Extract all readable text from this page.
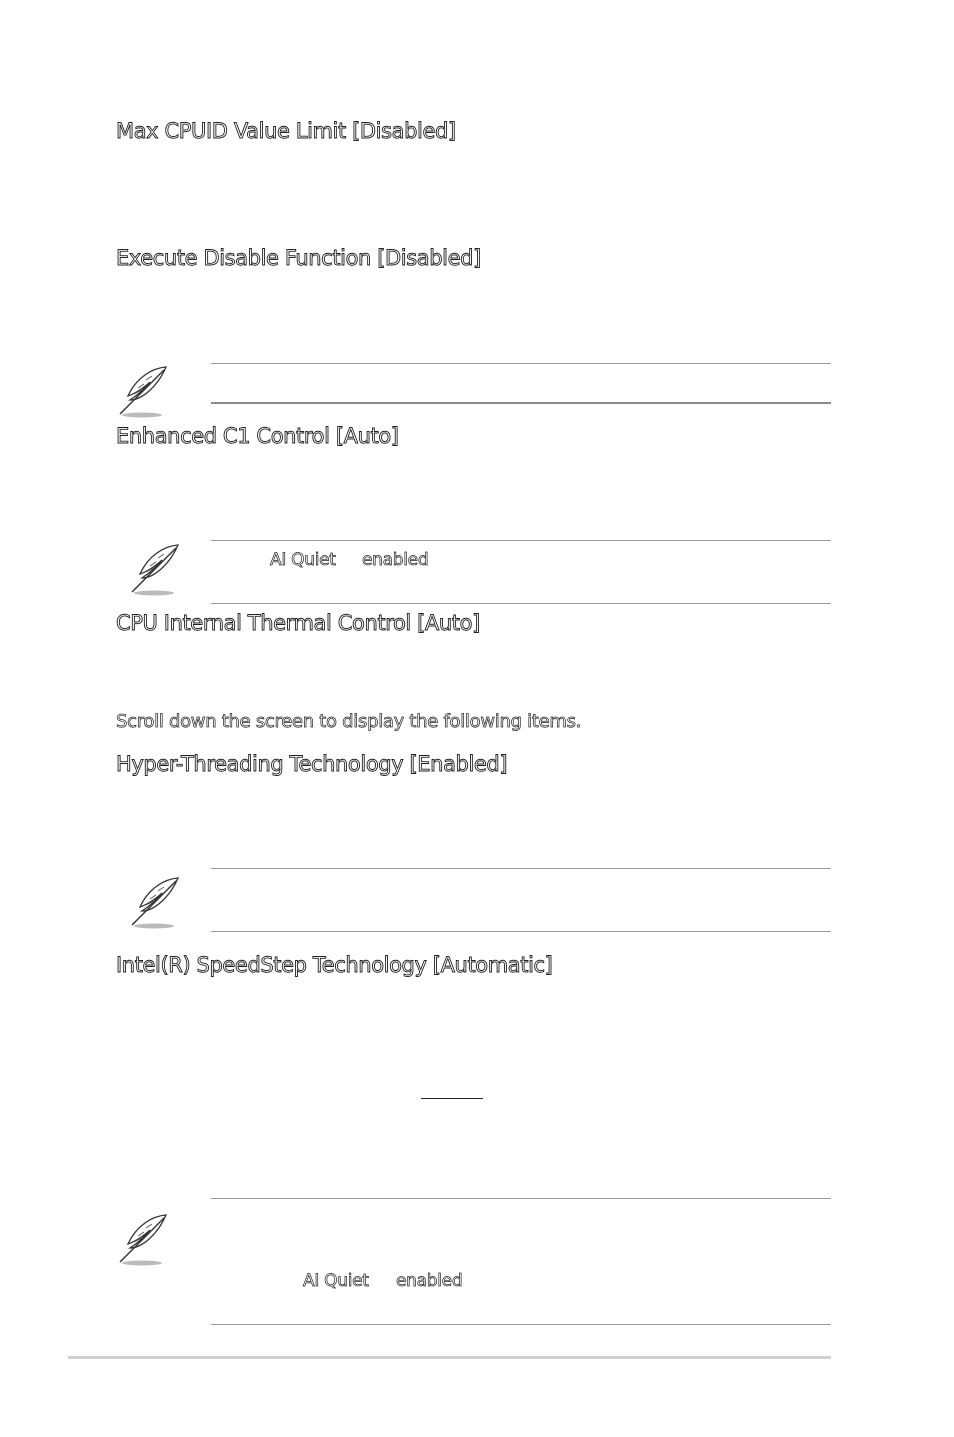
Max CPUID Value Limit [Disabled]
Execute Disable Function [Disabled]
Enhanced C1 Control [Auto]
AI Quiet enabled
CPU Internal Thermal Control [Auto]
Scroll down the screen to display the following items.
Hyper-Threading Technology [Enabled]
Intel(R) SpeedStep Technology [Automatic]
AI Quiet enabled
